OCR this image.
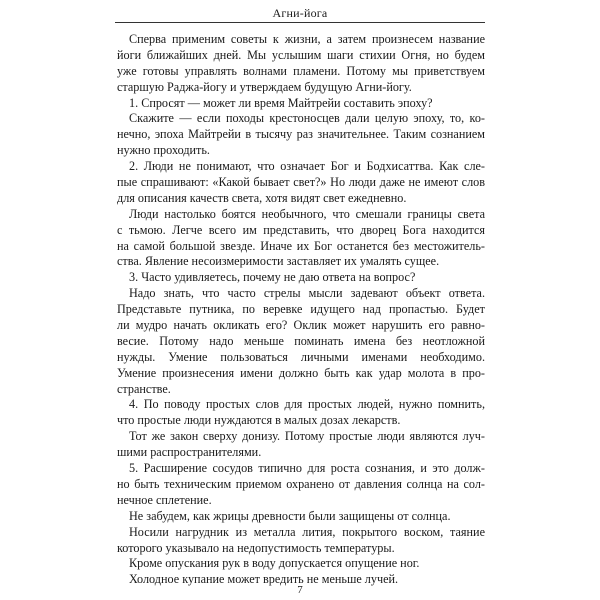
Агни-йога
Сперва применим советы к жизни, а затем произнесем название
йоги ближайших дней. Мы услышим шаги стихии Огня, но будем
уже готовы управлять волнами пламени. Потому мы приветствуем
старшую Раджа-йогу и утверждаем будущую Агни-йогу.
1. Спросят — может ли время Майтрейи составить эпоху?
Скажите — если походы крестоносцев дали целую эпоху, то, ко-
нечно, эпоха Майтрейи в тысячу раз значительнее. Таким сознанием
нужно проходить.
2. Люди не понимают, что означает Бог и Бодхисаттва. Как сле-
пые спрашивают: «Какой бывает свет?» Но люди даже не имеют слов
для описания качеств света, хотя видят свет ежедневно.
Люди настолько боятся необычного, что смешали границы света
с тьмою. Легче всего им представить, что дворец Бога находится
на самой большой звезде. Иначе их Бог останется без местожитель-
ства. Явление несоизмеримости заставляет их умалять сущее.
3. Часто удивляетесь, почему не даю ответа на вопрос?
Надо знать, что часто стрелы мысли задевают объект ответа.
Представьте путника, по веревке идущего над пропастью. Будет
ли мудро начать окликать его? Оклик может нарушить его равно-
весие. Потому надо меньше поминать имена без неотложной
нужды. Умение пользоваться личными именами необходимо.
Умение произнесения имени должно быть как удар молота в про-
странстве.
4. По поводу простых слов для простых людей, нужно помнить,
что простые люди нуждаются в малых дозах лекарств.
Тот же закон сверху донизу. Потому простые люди являются луч-
шими распространителями.
5. Расширение сосудов типично для роста сознания, и это долж-
но быть техническим приемом охранено от давления солнца на сол-
нечное сплетение.
Не забудем, как жрицы древности были защищены от солнца.
Носили нагрудник из металла лития, покрытого воском, таяние
которого указывало на недопустимость температуры.
Кроме опускания рук в воду допускается опущение ног.
Холодное купание может вредить не меньше лучей.
7
